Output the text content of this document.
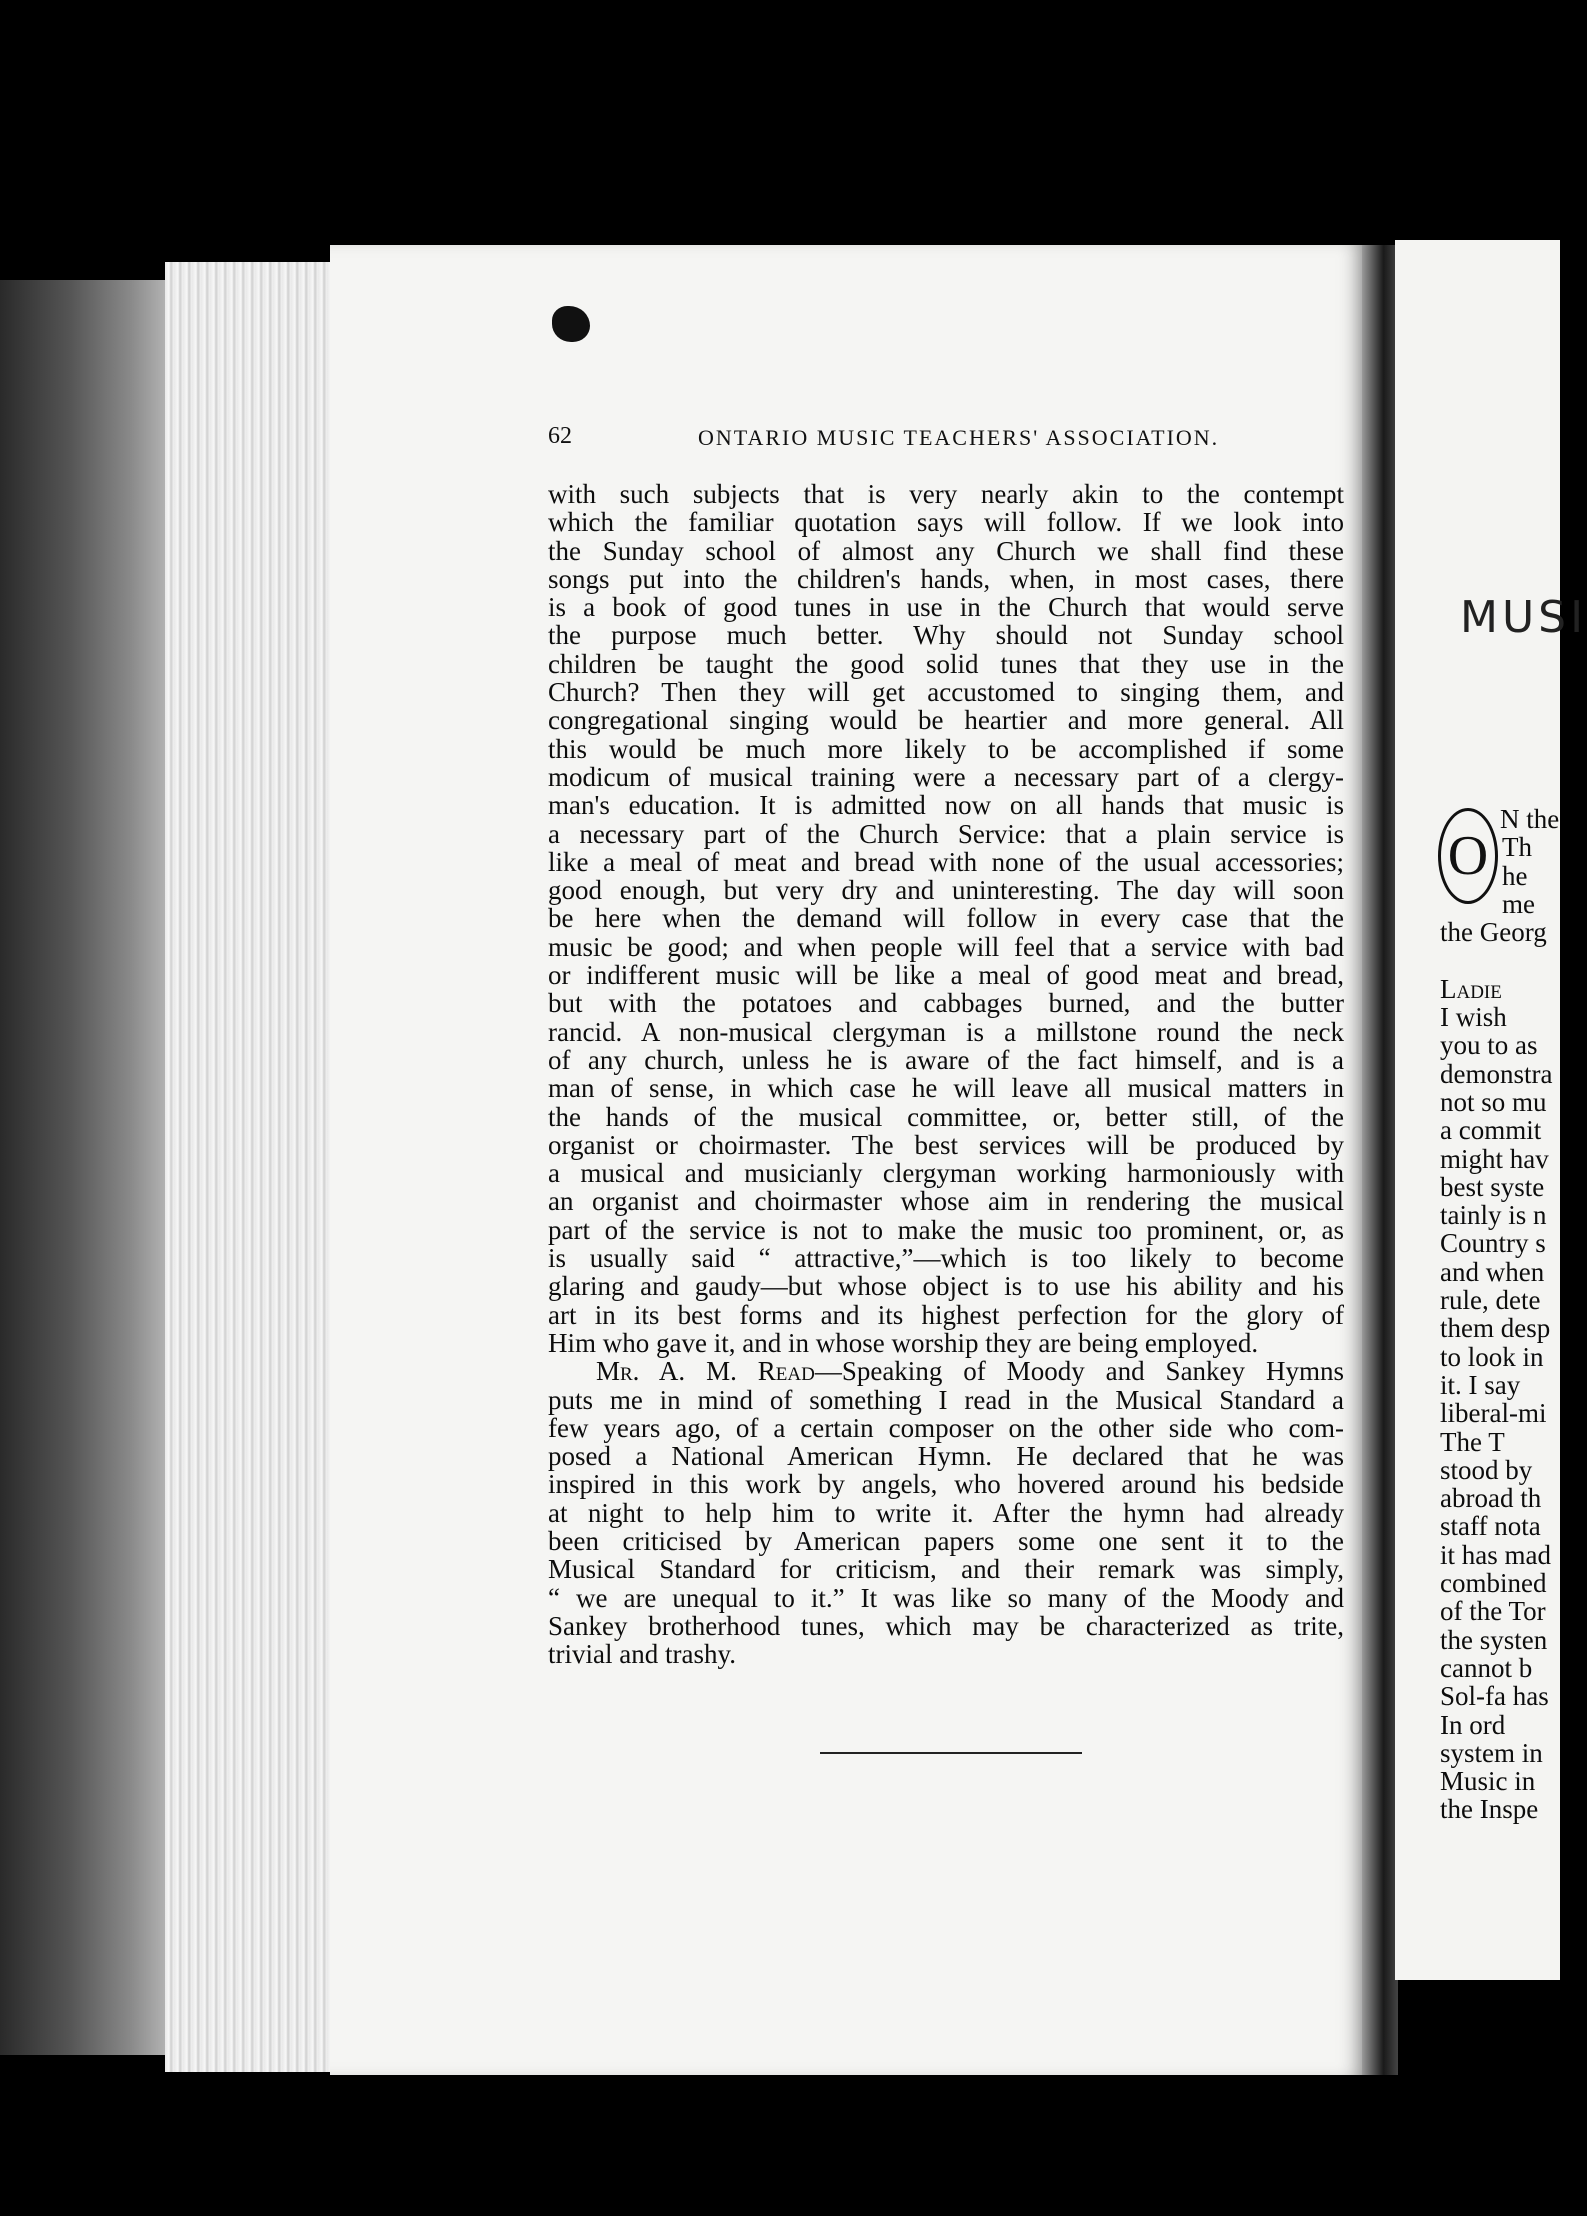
62	ONTARIO MUSIC TEACHERS' ASSOCIATION.
with such subjects that is very nearly akin to the contempt
which the familiar quotation says will follow. If we look into
the Sunday school of almost any Church we shall find these
songs put into the children's hands, when, in most cases, there
is a book of good tunes in use in the Church that would serve
the purpose much better. Why should not Sunday school
children be taught the good solid tunes that they use in the
Church? Then they will get accustomed to singing them, and
congregational singing would be heartier and more general. All
this would be much more likely to be accomplished if some
modicum of musical training were a necessary part of a clergy-
man's education. It is admitted now on all hands that music is
a necessary part of the Church Service: that a plain service is
like a meal of meat and bread with none of the usual accessories;
good enough, but very dry and uninteresting. The day will soon
be here when the demand will follow in every case that the
music be good; and when people will feel that a service with bad
or indifferent music will be like a meal of good meat and bread,
but with the potatoes and cabbages burned, and the butter
rancid. A non-musical clergyman is a millstone round the neck
of any church, unless he is aware of the fact himself, and is a
man of sense, in which case he will leave all musical matters in
the hands of the musical committee, or, better still, of the
organist or choirmaster. The best services will be produced by
a musical and musicianly clergyman working harmoniously with
an organist and choirmaster whose aim in rendering the musical
part of the service is not to make the music too prominent, or, as
is usually said “ attractive,”—which is too likely to become
glaring and gaudy—but whose object is to use his ability and his
art in its best forms and its highest perfection for the glory of
Him who gave it, and in whose worship they are being employed.
Mr. A. M. Read—Speaking of Moody and Sankey Hymns
puts me in mind of something I read in the Musical Standard a
few years ago, of a certain composer on the other side who com-
posed a National American Hymn. He declared that he was
inspired in this work by angels, who hovered around his bedside
at night to help him to write it. After the hymn had already
been criticised by American papers some one sent it to the
Musical Standard for criticism, and their remark was simply,
“ we are unequal to it.” It was like so many of the Moody and
Sankey brotherhood tunes, which may be characterized as trite,
trivial and trashy.
MUSI
N the
Th
he
me
the Georg
Ladie
I wish
you to as
demonstra
not so mu
a commit
might hav
best syste
tainly is n
Country s
and when
rule, dete
them desp
to look in
it. I say
liberal-mi
The T
stood by
abroad th
staff nota
it has mad
combined
of the Tor
the systen
cannot b
Sol-fa has
In ord
system in
Music in
the Inspe
O
